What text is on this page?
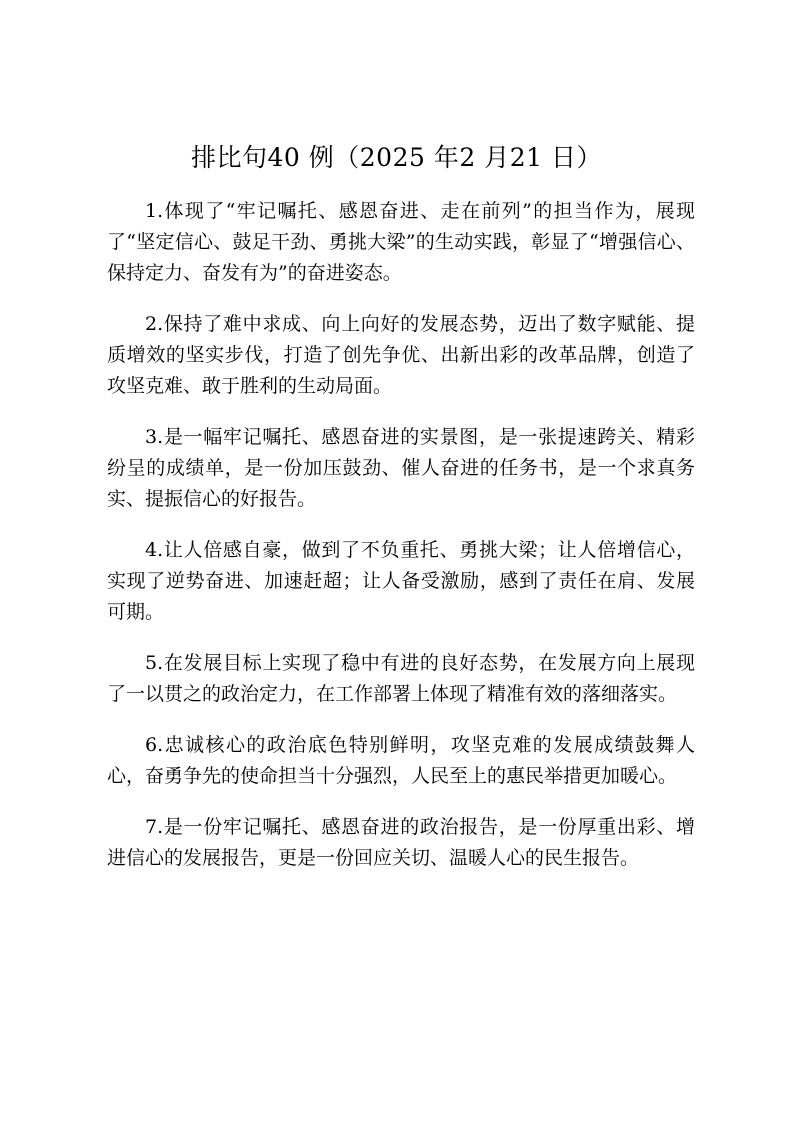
排比句40 例（2025 年2 月21 日）

1.体现了“牢记嘱托、感恩奋进、走在前列”的担当作为，展现了“坚定信心、鼓足干劲、勇挑大梁”的生动实践，彰显了“增强信心、保持定力、奋发有为”的奋进姿态。

2.保持了难中求成、向上向好的发展态势，迈出了数字赋能、提质增效的坚实步伐，打造了创先争优、出新出彩的改革品牌，创造了攻坚克难、敢于胜利的生动局面。

3.是一幅牢记嘱托、感恩奋进的实景图，是一张提速跨关、精彩纷呈的成绩单，是一份加压鼓劲、催人奋进的任务书，是一个求真务实、提振信心的好报告。

4.让人倍感自豪，做到了不负重托、勇挑大梁；让人倍增信心，实现了逆势奋进、加速赶超；让人备受激励，感到了责任在肩、发展可期。

5.在发展目标上实现了稳中有进的良好态势，在发展方向上展现了一以贯之的政治定力，在工作部署上体现了精准有效的落细落实。

6.忠诚核心的政治底色特别鲜明，攻坚克难的发展成绩鼓舞人心，奋勇争先的使命担当十分强烈，人民至上的惠民举措更加暖心。

7.是一份牢记嘱托、感恩奋进的政治报告，是一份厚重出彩、增进信心的发展报告，更是一份回应关切、温暖人心的民生报告。
